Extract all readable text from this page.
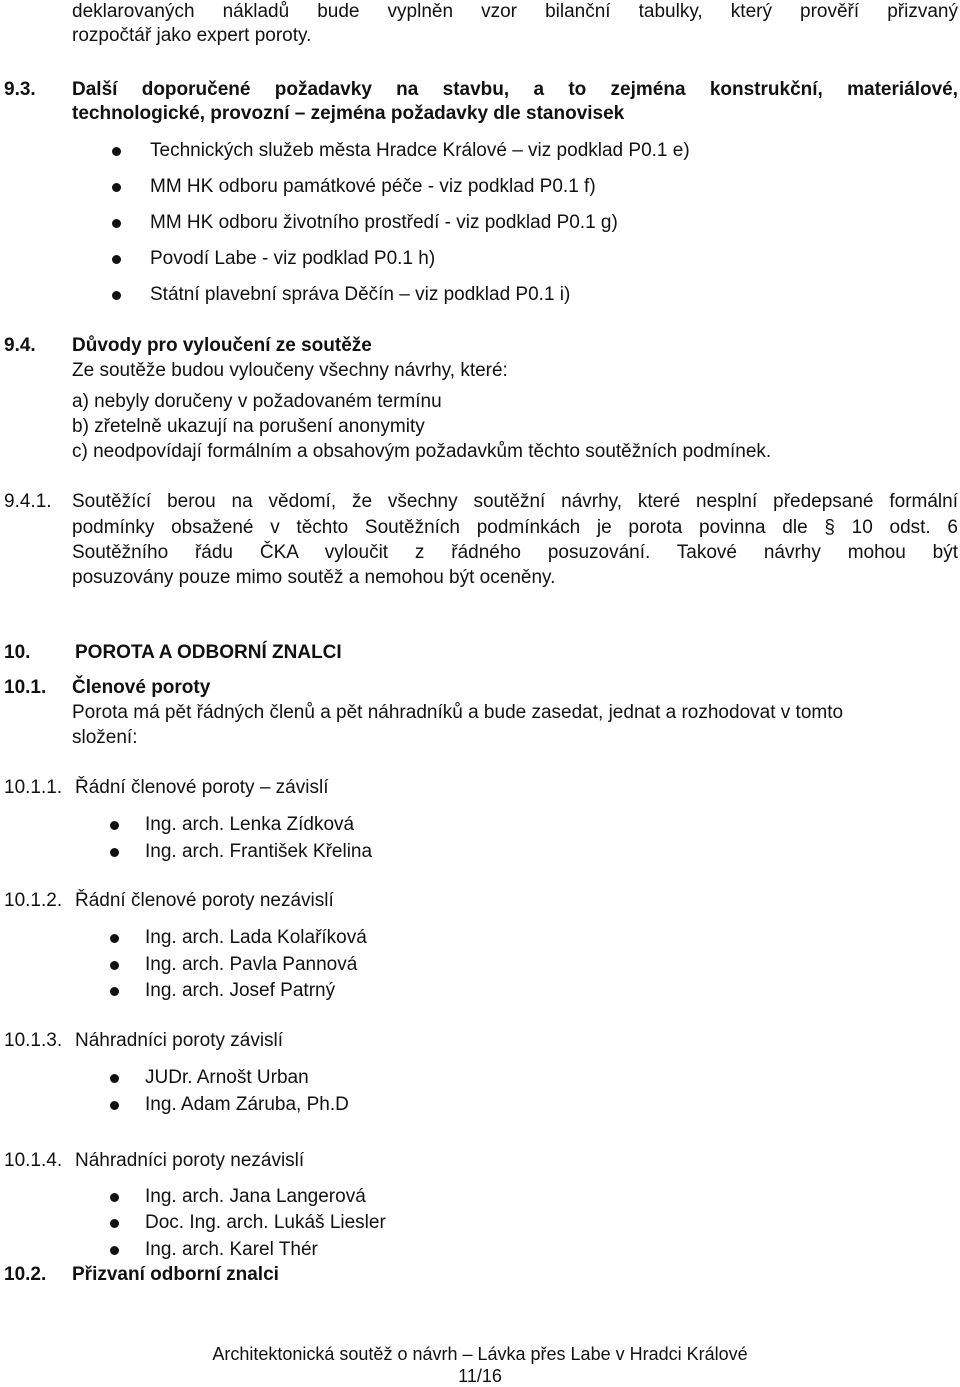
deklarovaných nákladů bude vyplněn vzor bilanční tabulky, který prověří přizvaný
rozpočtář jako expert poroty.
9.3. Další doporučené požadavky na stavbu, a to zejména konstrukční, materiálové,
technologické, provozní – zejména požadavky dle stanovisek
Technických služeb města Hradce Králové – viz podklad P0.1 e)
MM HK odboru památkové péče - viz podklad P0.1 f)
MM HK odboru životního prostředí - viz podklad P0.1 g)
Povodí Labe - viz podklad P0.1 h)
Státní plavební správa Děčín – viz podklad P0.1 i)
9.4. Důvody pro vyloučení ze soutěže
Ze soutěže budou vyloučeny všechny návrhy, které:
a) nebyly doručeny v požadovaném termínu
b) zřetelně ukazují na porušení anonymity
c) neodpovídají formálním a obsahovým požadavkům těchto soutěžních podmínek.
9.4.1. Soutěžící berou na vědomí, že všechny soutěžní návrhy, které nesplní předepsané formální
podmínky obsažené v těchto Soutěžních podmínkách je porota povinna dle § 10 odst. 6
Soutěžního řádu ČKA vyloučit z řádného posuzování. Takové návrhy mohou být
posuzovány pouze mimo soutěž a nemohou být oceněny.
10. POROTA A ODBORNÍ ZNALCI
10.1. Členové poroty
Porota má pět řádných členů a pět náhradníků a bude zasedat, jednat a rozhodovat v tomto
složení:
10.1.1. Řádní členové poroty – závislí
Ing. arch. Lenka Zídková
Ing. arch. František Křelina
10.1.2. Řádní členové poroty nezávislí
Ing. arch. Lada Kolaříková
Ing. arch. Pavla Pannová
Ing. arch. Josef Patrný
10.1.3. Náhradníci poroty závislí
JUDr. Arnošt Urban
Ing. Adam Záruba, Ph.D
10.1.4. Náhradníci poroty nezávislí
Ing. arch. Jana Langerová
Doc. Ing. arch. Lukáš Liesler
Ing. arch. Karel Thér
10.2. Přizvaní odborní znalci
Architektonická soutěž o návrh – Lávka přes Labe v Hradci Králové
11/16
